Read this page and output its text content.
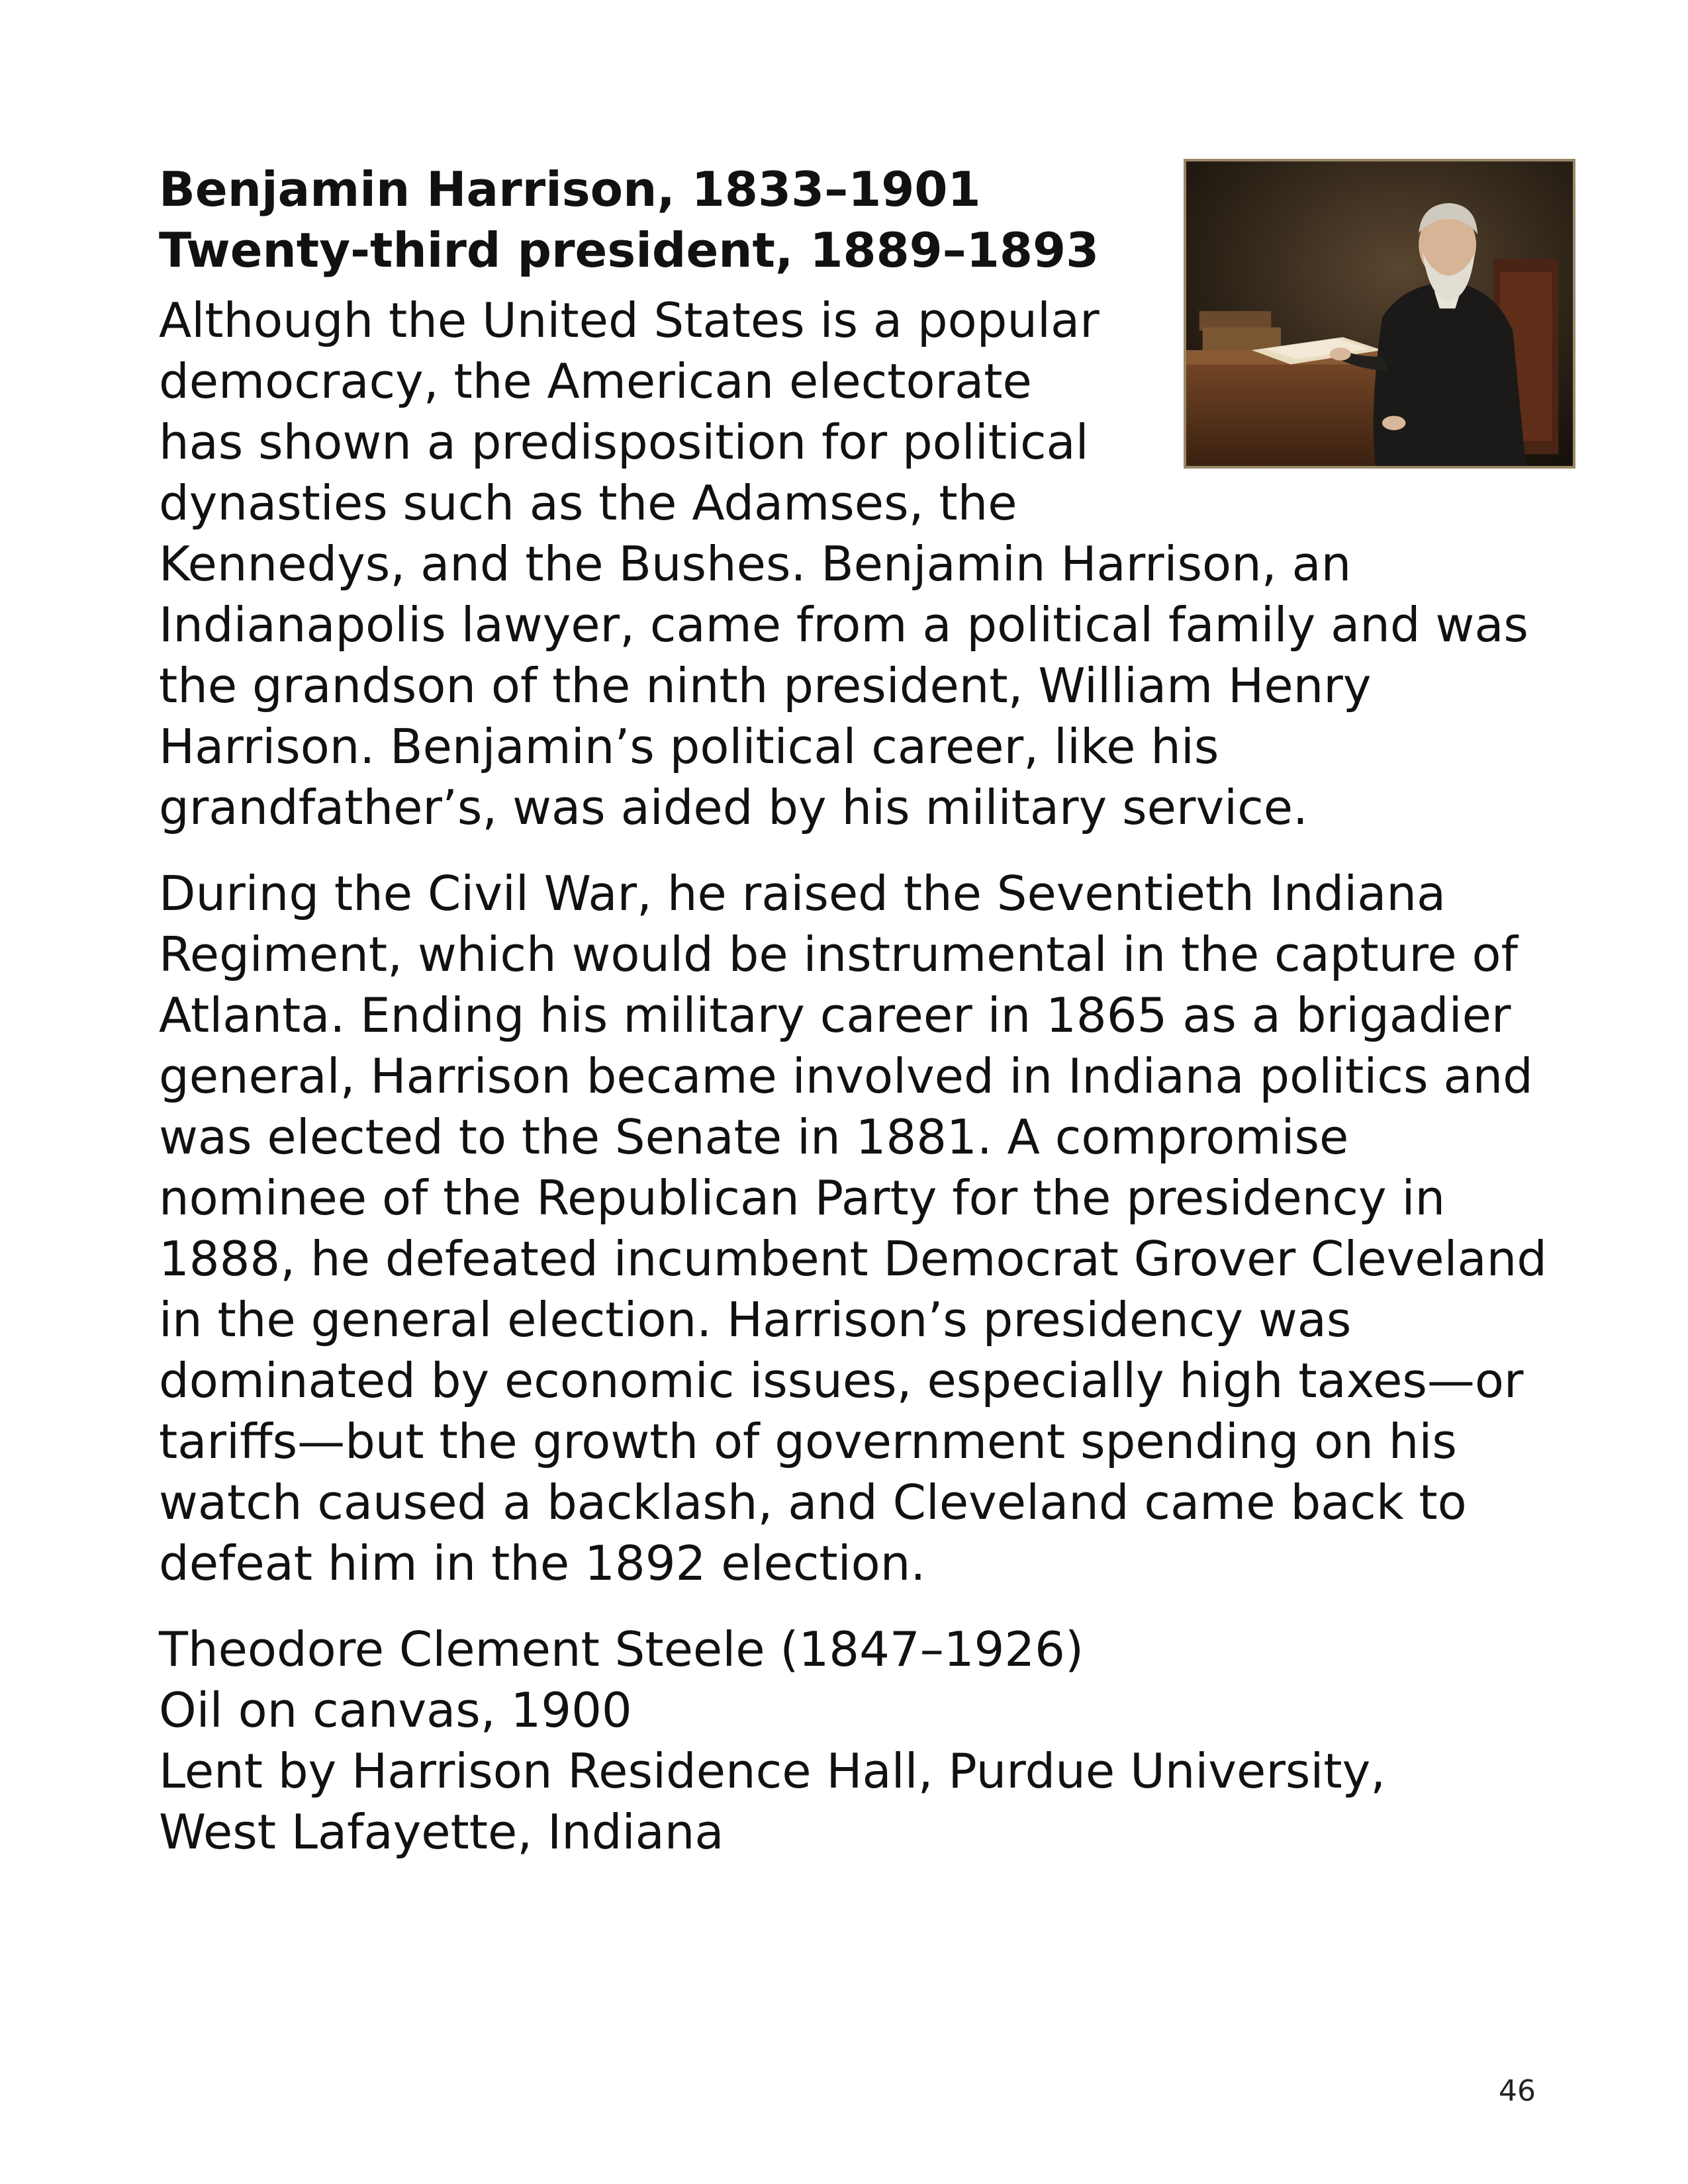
Benjamin Harrison, 1833–1901
Twenty-third president, 1889–1893

Although the United States is a popular democracy, the American electorate has shown a predisposition for political dynasties such as the Adamses, the Kennedys, and the Bushes. Benjamin Harrison, an Indianapolis lawyer, came from a political family and was the grandson of the ninth president, William Henry Harrison. Benjamin’s political career, like his grandfather’s, was aided by his military service.

During the Civil War, he raised the Seventieth Indiana Regiment, which would be instrumental in the capture of Atlanta. Ending his military career in 1865 as a brigadier general, Harrison became involved in Indiana politics and was elected to the Senate in 1881. A compromise nominee of the Republican Party for the presidency in 1888, he defeated incumbent Democrat Grover Cleveland in the general election. Harrison’s presidency was dominated by economic issues, especially high taxes—or tariffs—but the growth of government spending on his watch caused a backlash, and Cleveland came back to defeat him in the 1892 election.

Theodore Clement Steele (1847–1926)
Oil on canvas, 1900
Lent by Harrison Residence Hall, Purdue University,
West Lafayette, Indiana
46
